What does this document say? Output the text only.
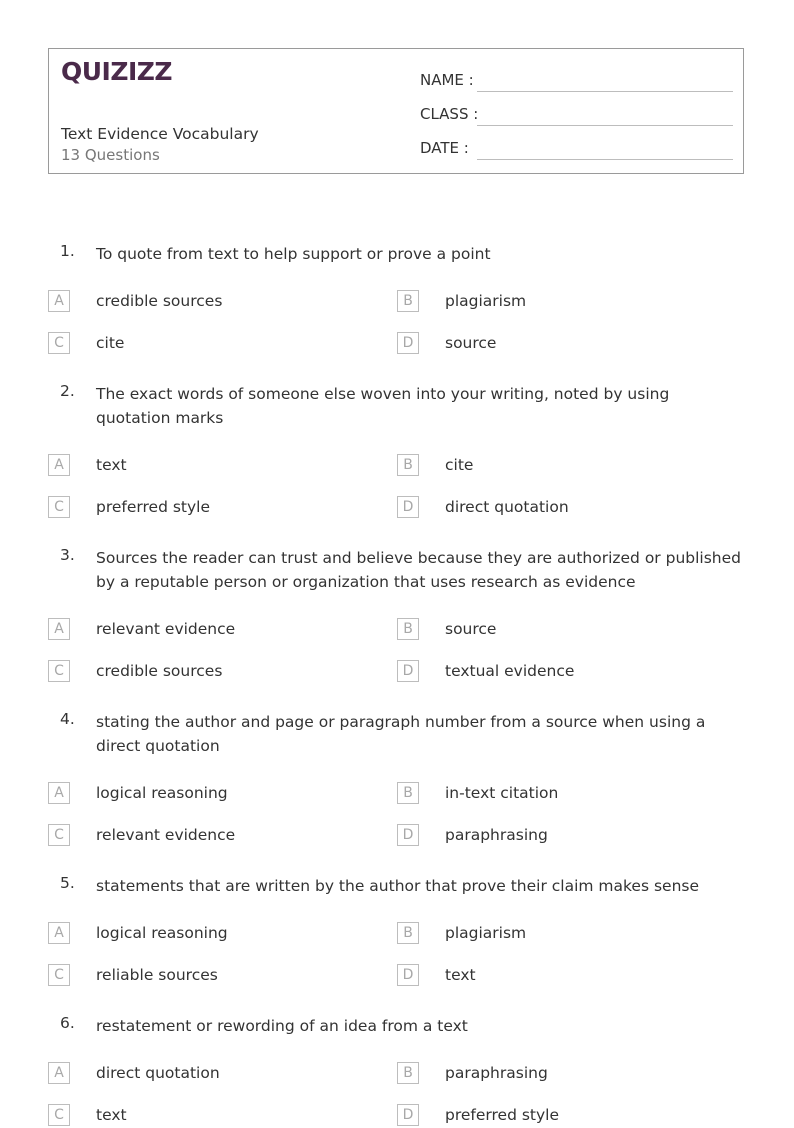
QUIZIZZ
Text Evidence Vocabulary
13 Questions
NAME :
CLASS :
DATE :
1. To quote from text to help support or prove a point
A	credible sources	B	plagiarism
C	cite	D	source
2. The exact words of someone else woven into your writing, noted by using quotation marks
A	text	B	cite
C	preferred style	D	direct quotation
3. Sources the reader can trust and believe because they are authorized or published by a reputable person or organization that uses research as evidence
A	relevant evidence	B	source
C	credible sources	D	textual evidence
4. stating the author and page or paragraph number from a source when using a direct quotation
A	logical reasoning	B	in-text citation
C	relevant evidence	D	paraphrasing
5. statements that are written by the author that prove their claim makes sense
A	logical reasoning	B	plagiarism
C	reliable sources	D	text
6. restatement or rewording of an idea from a text
A	direct quotation	B	paraphrasing
C	text	D	preferred style
